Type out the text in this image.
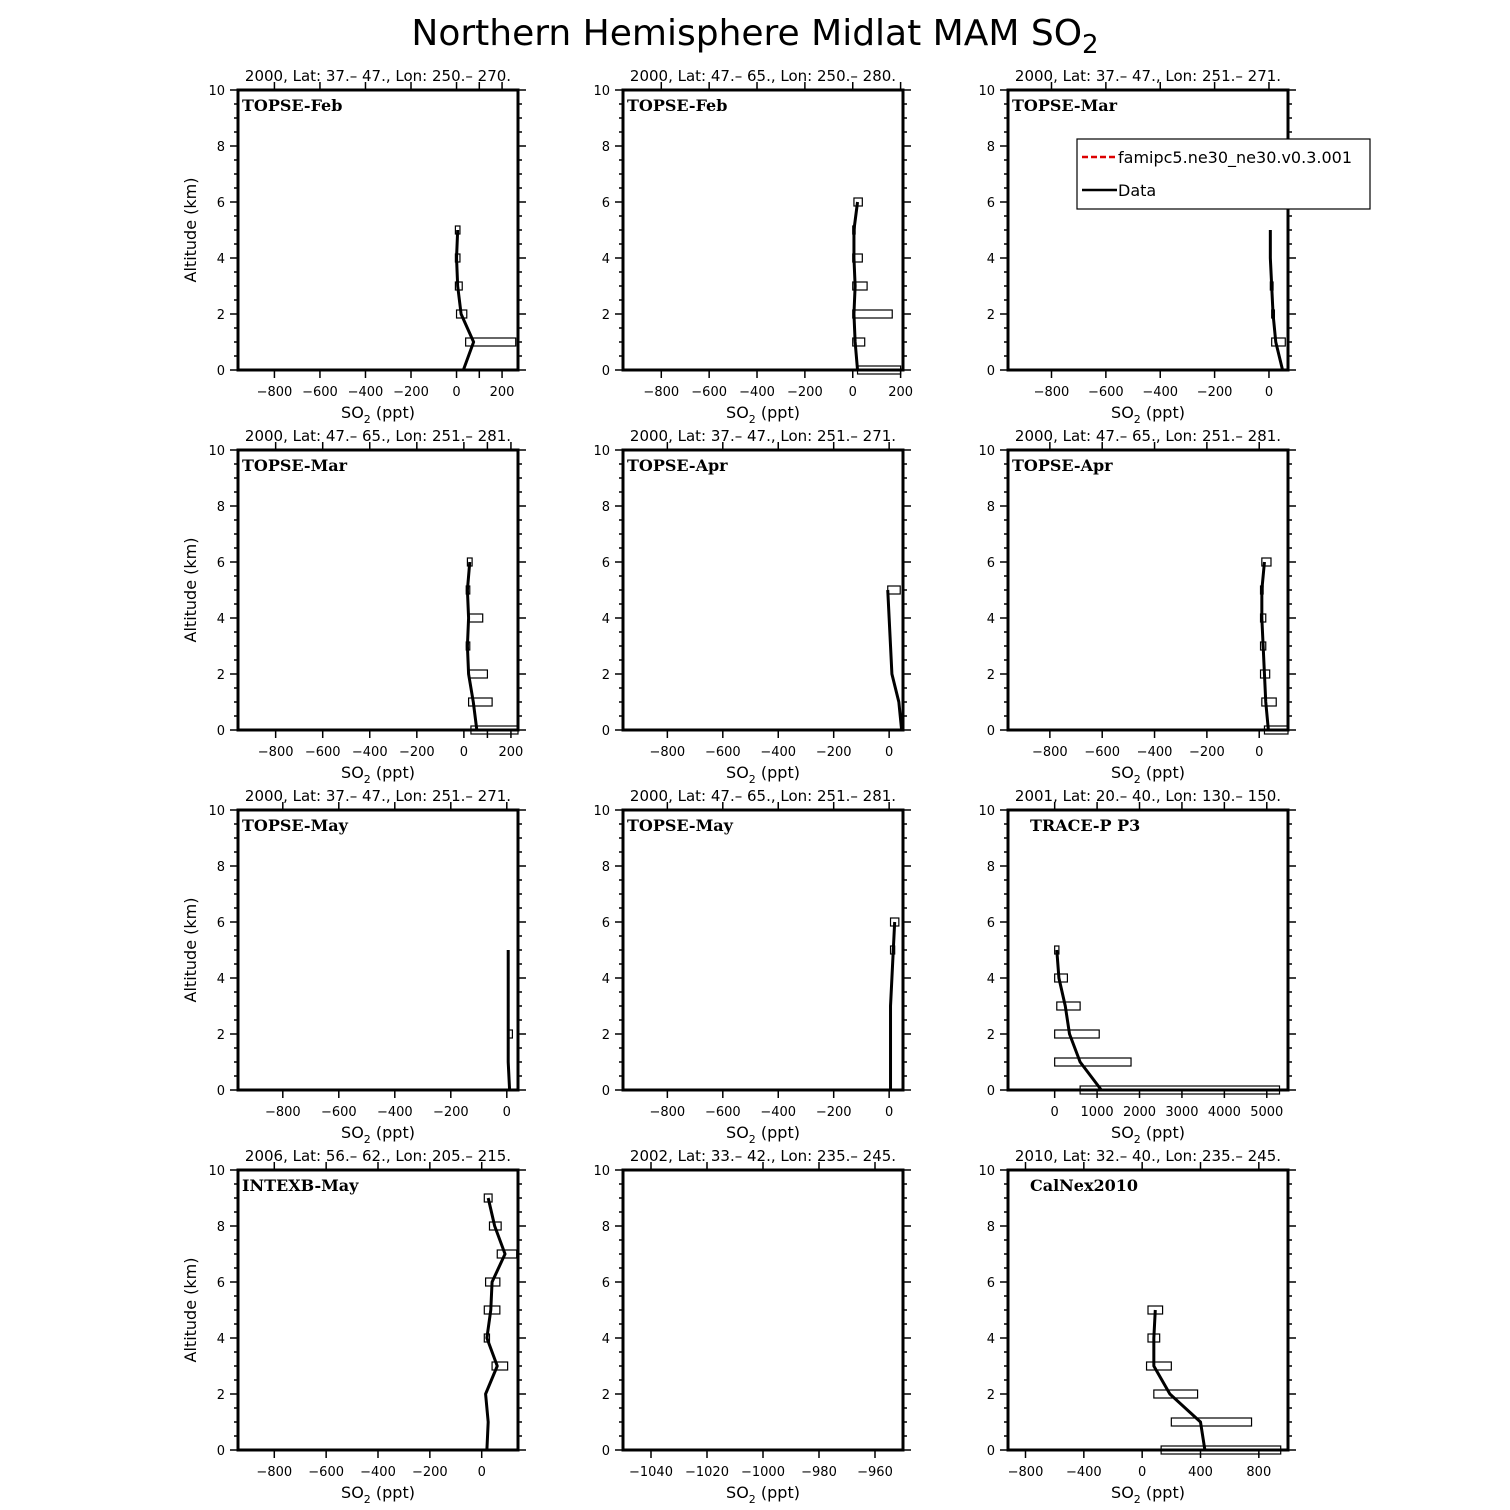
Northern Hemisphere Midlat MAM $SO_2$
2000, Lat: 37.– 47., Lon: 250.– 270.
0
2
4
6
8
10
−800 −600 −400 −200 0 200
$SO_2$ (ppt)
Altitude (km)
TOPSE-Feb
2000, Lat: 47.– 65., Lon: 250.– 280.
0
2
4
6
8
10
−800 −600 −400 −200 0 200
$SO_2$ (ppt)
TOPSE-Feb
2000, Lat: 37.– 47., Lon: 251.– 271.
0
2
4
6
8
10
−800 −600 −400 −200 0
$SO_2$ (ppt)
TOPSE-Mar
2000, Lat: 47.– 65., Lon: 251.– 281.
0
2
4
6
8
10
−800 −600 −400 −200 0 200
$SO_2$ (ppt)
Altitude (km)
TOPSE-Mar
2000, Lat: 37.– 47., Lon: 251.– 271.
0
2
4
6
8
10
−800 −600 −400 −200	0
$SO_2$ (ppt)
TOPSE-Apr
2000, Lat: 47.– 65., Lon: 251.– 281.
0
2
4
6
8
10
−800 −600 −400 −200 0
$SO_2$ (ppt)
TOPSE-Apr
2000, Lat: 37.– 47., Lon: 251.– 271.
0
2
4
6
8
10
−800 −600 −400 −200	0
$SO_2$ (ppt)
Altitude (km)
TOPSE-May
2000, Lat: 47.– 65., Lon: 251.– 281.
0
2
4
6
8
10
−800 −600 −400 −200	0
$SO_2$ (ppt)
TOPSE-May
2001, Lat: 20.– 40., Lon: 130.– 150.
0
2
4
6
8
10
0 1000 2000 3000 4000 5000
$SO_2$ (ppt)
TRACE-P P3
2006, Lat: 56.– 62., Lon: 205.– 215.
0
2
4
6
8
10
−800 −600 −400 −200 0
$SO_2$ (ppt)
Altitude (km)
INTEXB-May
2002, Lat: 33.– 42., Lon: 235.– 245.
0
2
4
6
8
10
−1040 −1020 −1000 −980 −960
$SO_2$ (ppt)
2010, Lat: 32.– 40., Lon: 235.– 245.
0
2
4
6
8
10
−800 −400	0	400	800
$SO_2$ (ppt)
CalNex2010
famipc5.ne30_ne30.v0.3.001
Data
